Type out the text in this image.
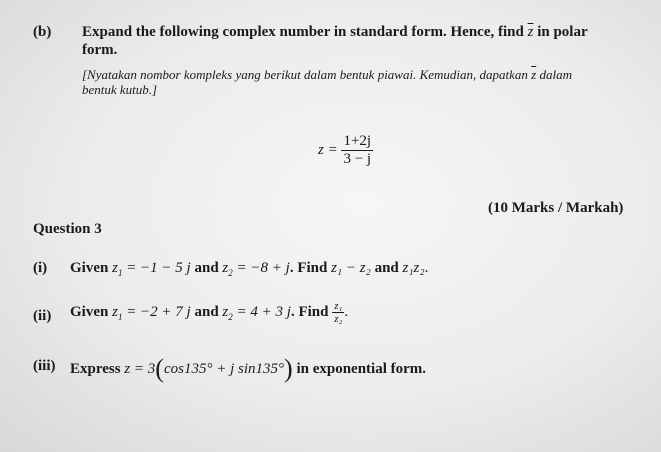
(b) Expand the following complex number in standard form. Hence, find $\overline{z}$ in polar
form.
[Nyatakan nombor kompleks yang berikut dalam bentuk piawai. Kemudian, dapatkan $\overline{z}$ dalam
bentuk kutub.]
$z = \frac{1+2j}{3 - j}$
(10 Marks / Markah)
Question 3
(i) Given $z_1 = -1 - 5$ j and $z_2 = -8 + j$. Find z₁ − z₂ and z₁z₂.
(ii) Given $z_1 = -2 + 7$ j and $z_2 = 4 + 3$ j. Find $\frac{\text{z₁}}{\text{z₂}}$ .
(iii) Express z = 3(cos135° + j sin135°) in exponential form.
